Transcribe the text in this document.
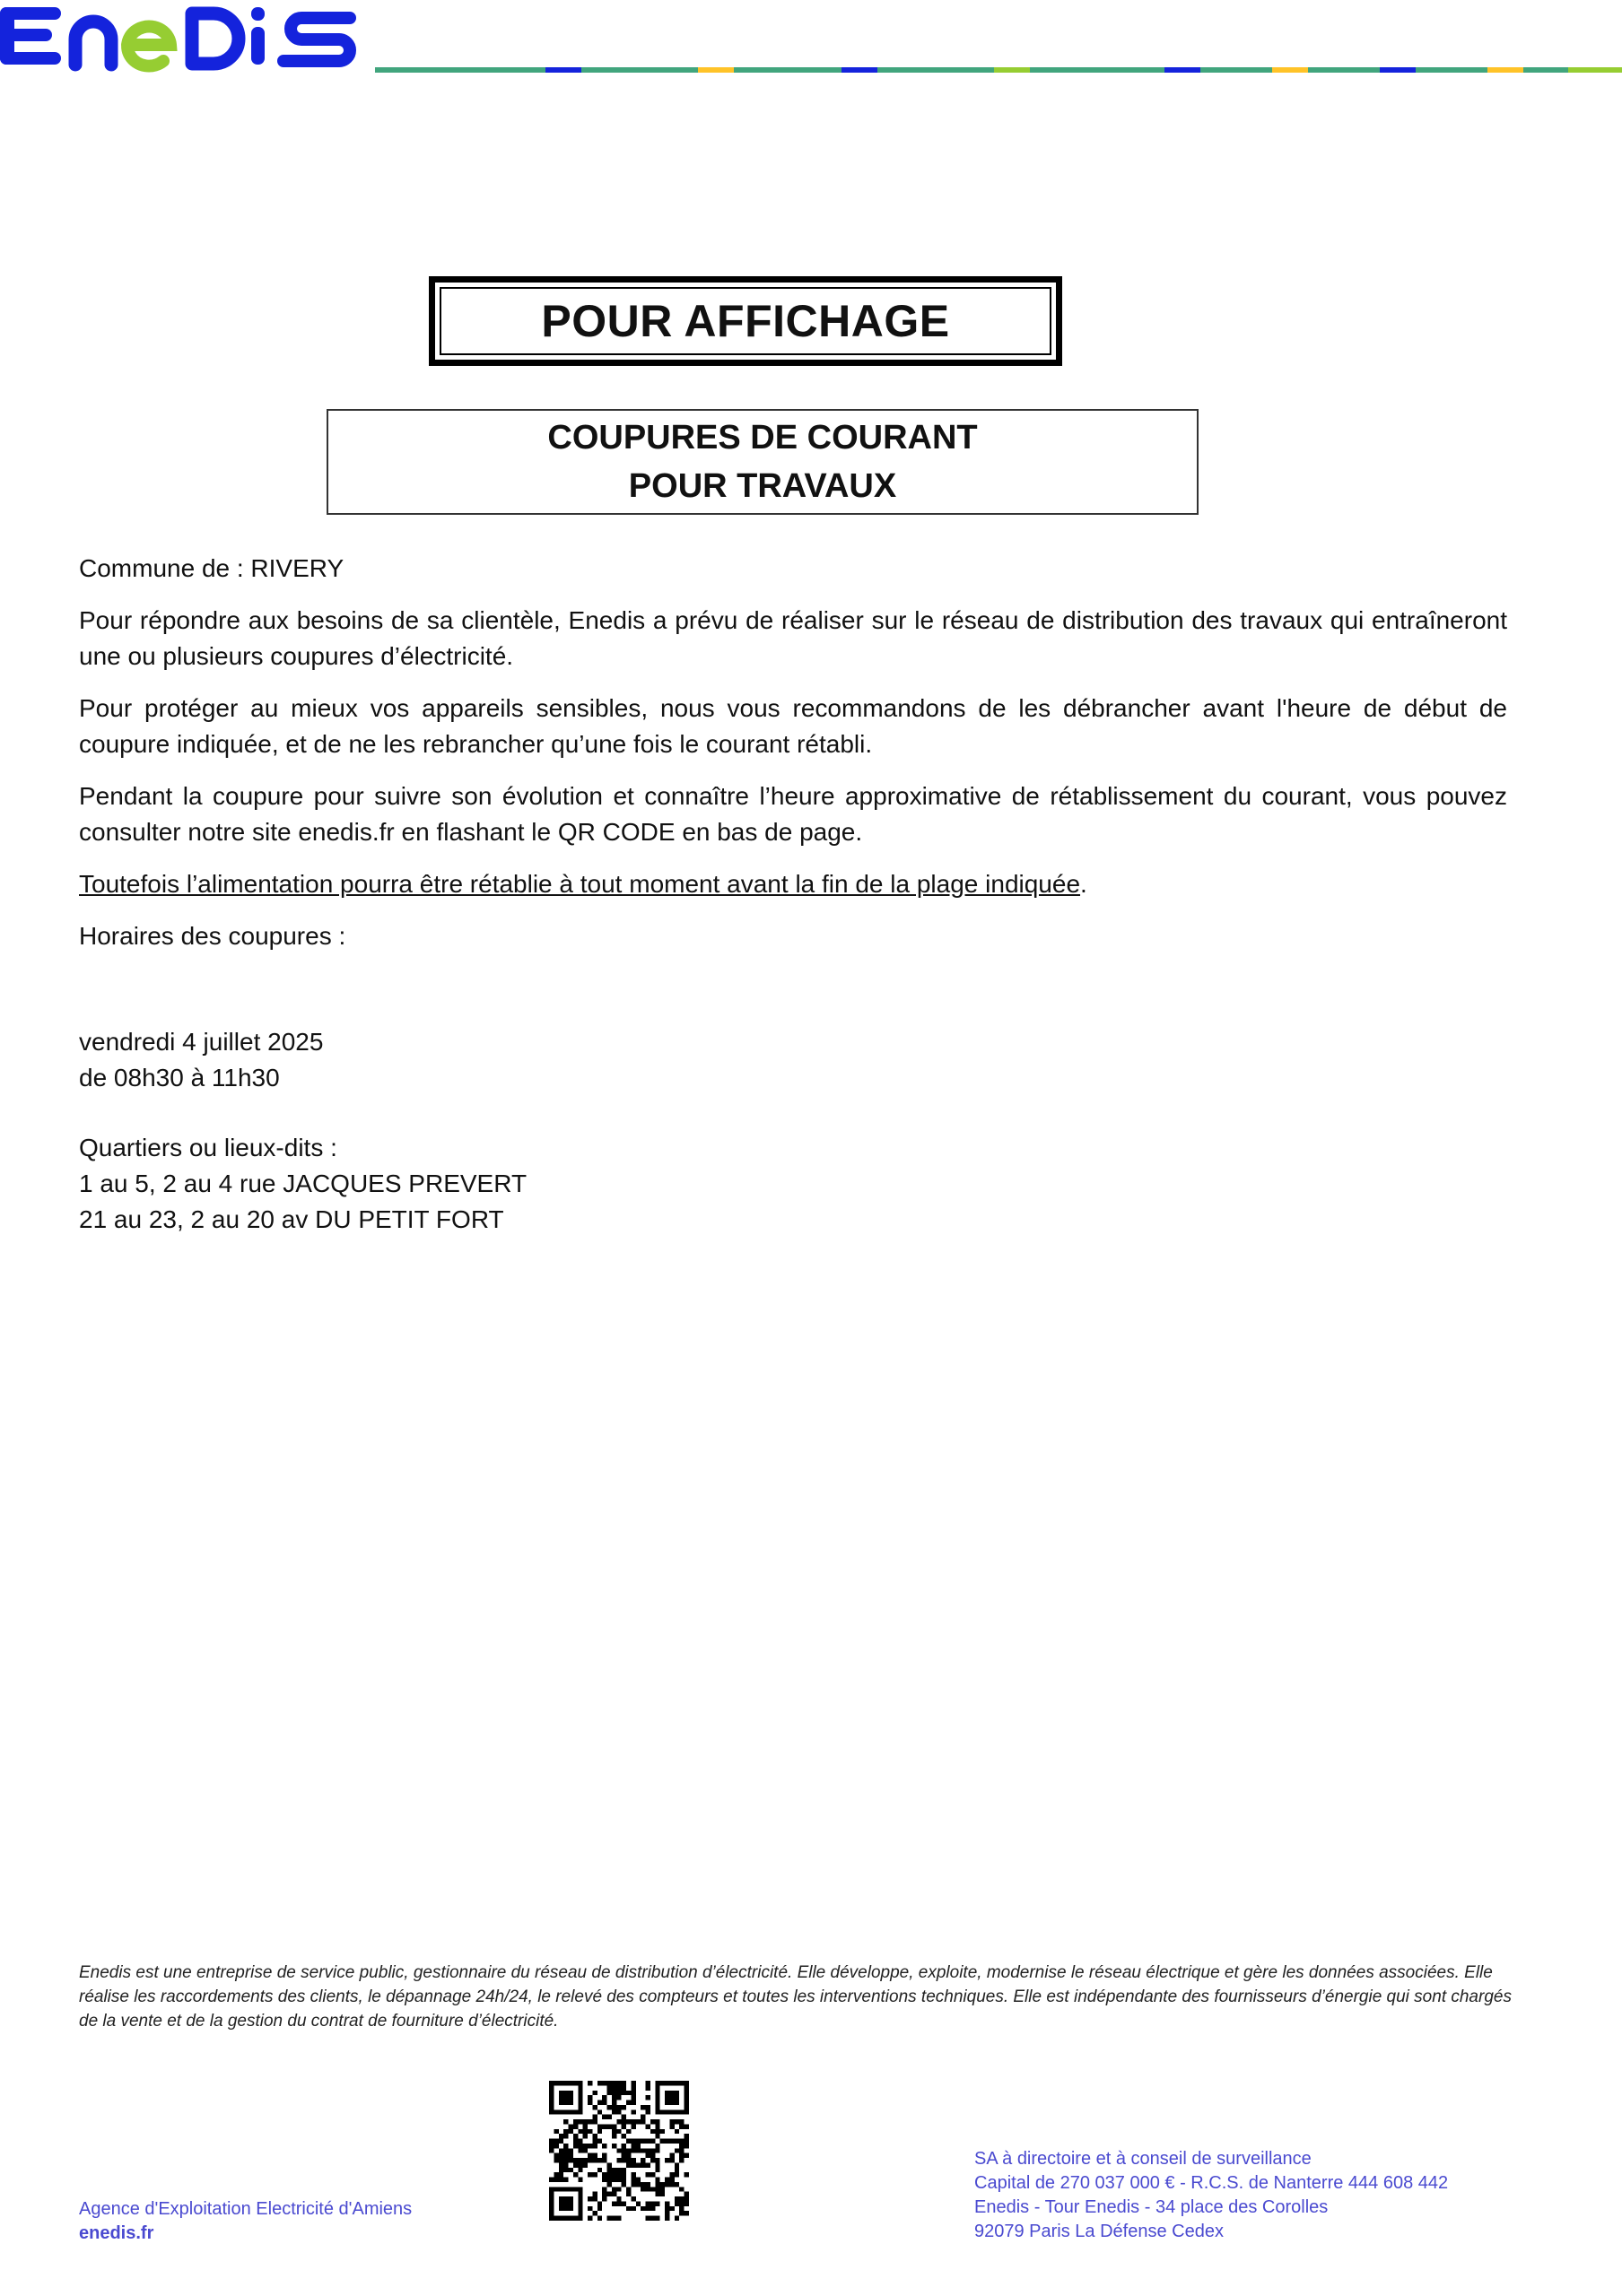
POUR AFFICHAGE
COUPURES DE COURANT
POUR TRAVAUX
Commune de : RIVERY

Pour répondre aux besoins de sa clientèle, Enedis a prévu de réaliser sur le réseau de distribution des travaux qui entraîneront une ou plusieurs coupures d’électricité.

Pour protéger au mieux vos appareils sensibles, nous vous recommandons de les débrancher avant l'heure de début de coupure indiquée, et de ne les rebrancher qu’une fois le courant rétabli.

Pendant la coupure pour suivre son évolution et connaître l’heure approximative de rétablissement du courant, vous pouvez consulter notre site enedis.fr en flashant le QR CODE en bas de page.

Toutefois l’alimentation pourra être rétablie à tout moment avant la fin de la plage indiquée.
Horaires des coupures :
vendredi 4 juillet 2025
de 08h30 à 11h30
Quartiers ou lieux-dits :
1 au 5, 2 au 4 rue JACQUES PREVERT
21 au 23, 2 au 20 av DU PETIT FORT
Enedis est une entreprise de service public, gestionnaire du réseau de distribution d’électricité. Elle développe, exploite, modernise le réseau électrique et gère les données associées. Elle réalise les raccordements des clients, le dépannage 24h/24, le relevé des compteurs et toutes les interventions techniques. Elle est indépendante des fournisseurs d’énergie qui sont chargés de la vente et de la gestion du contrat de fourniture d’électricité.
Agence d'Exploitation Electricité d'Amiens
enedis.fr
SA à directoire et à conseil de surveillance
Capital de 270 037 000 € - R.C.S. de Nanterre 444 608 442
Enedis - Tour Enedis - 34 place des Corolles
92079 Paris La Défense Cedex
